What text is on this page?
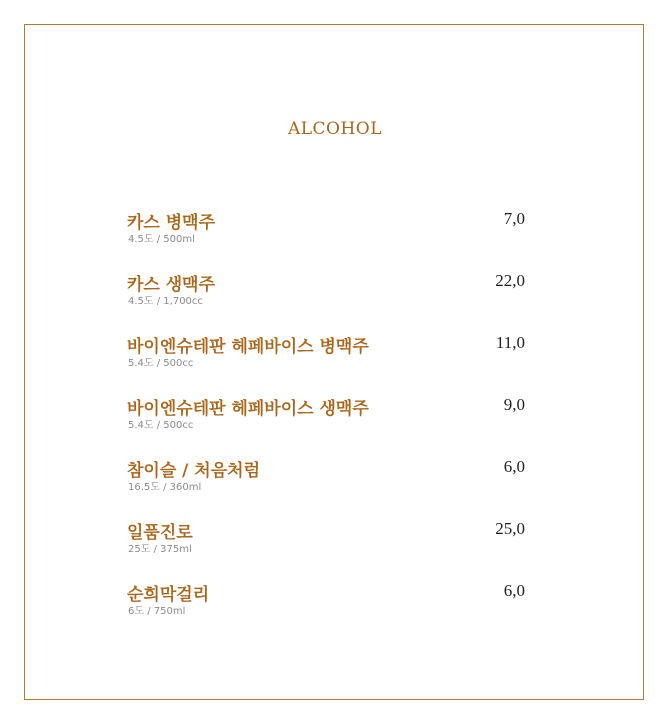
ALCOHOL
카스 병맥주
4.5도 / 500ml
7,0
카스 생맥주
4.5도 / 1,700cc
22,0
바이엔슈테판 헤페바이스 병맥주
5.4도 / 500cc
11,0
바이엔슈테판 헤페바이스 생맥주
5.4도 / 500cc
9,0
참이슬 / 처음처럼
16.5도 / 360ml
6,0
일품진로
25도 / 375ml
25,0
순희막걸리
6도 / 750ml
6,0
